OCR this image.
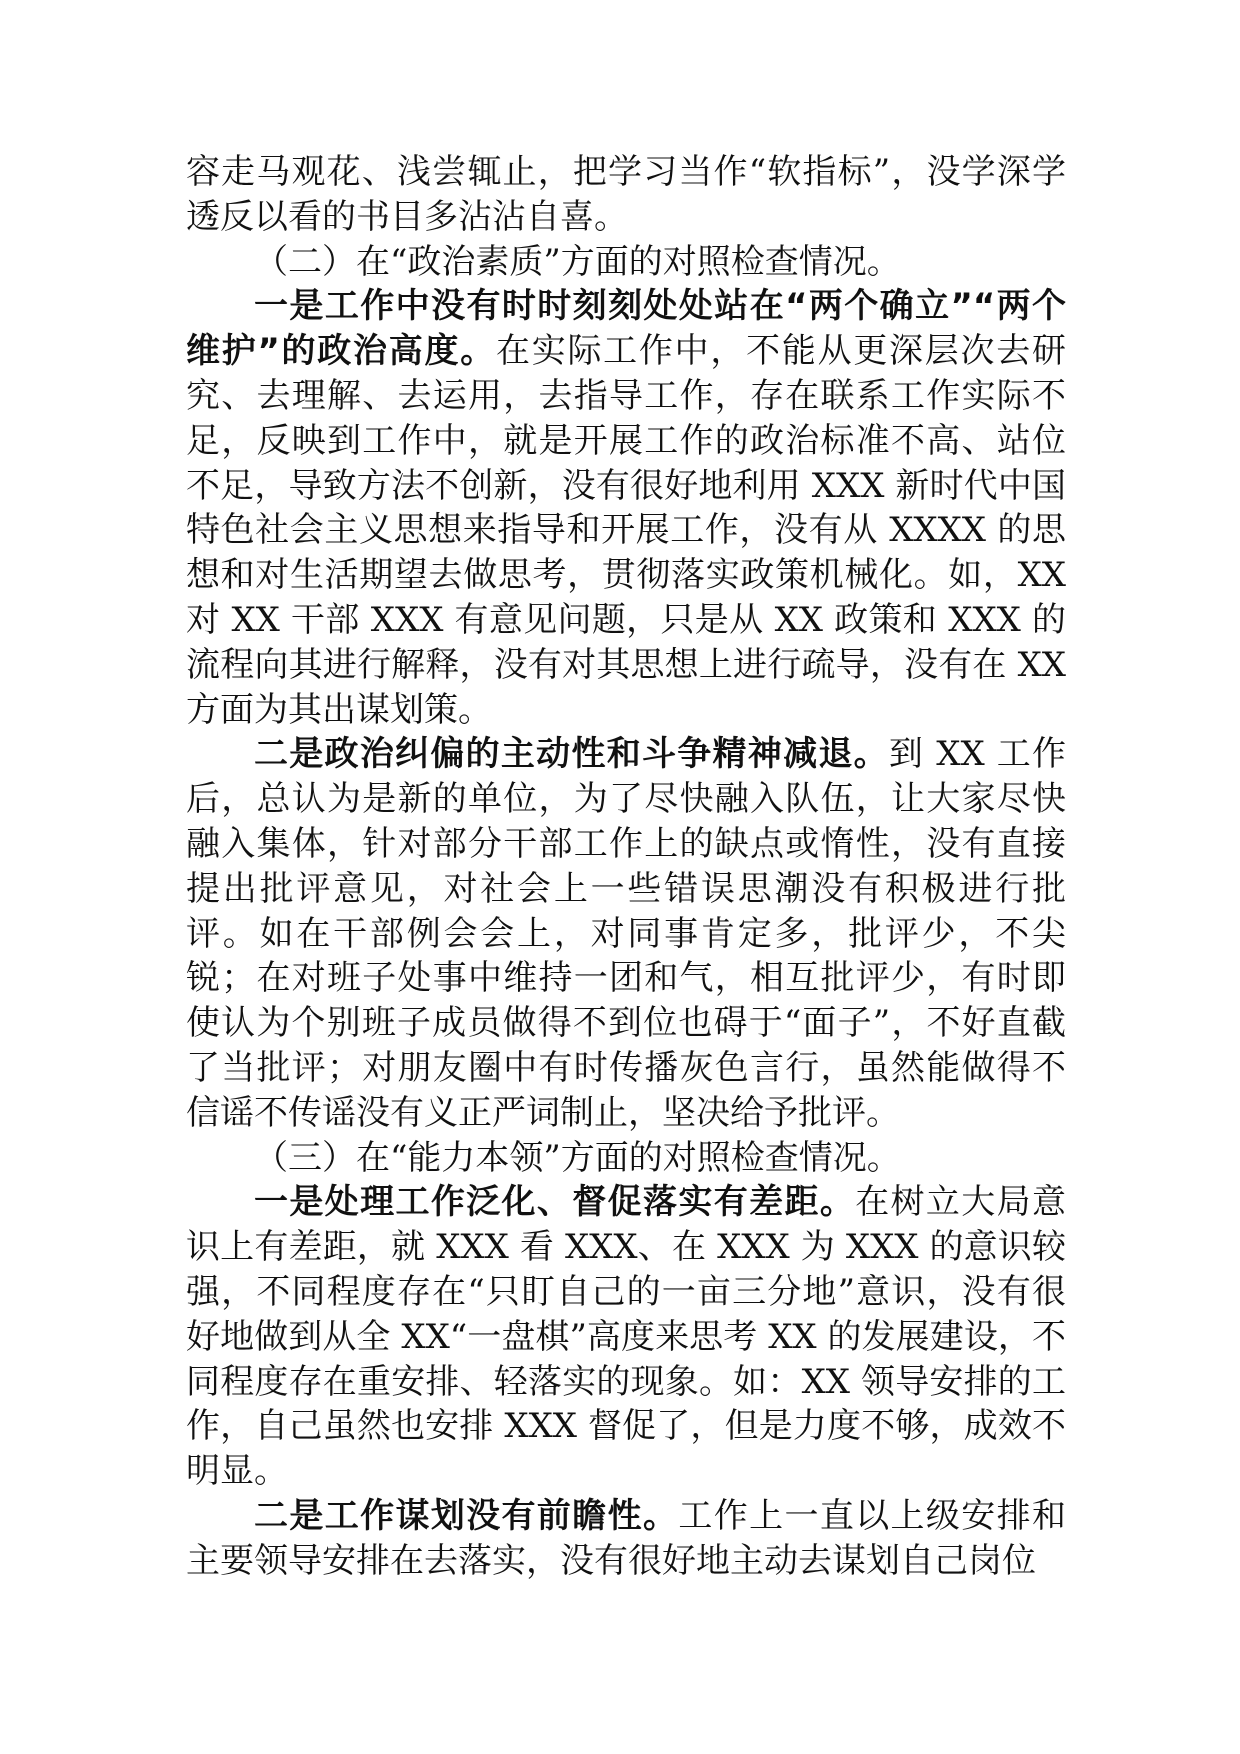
容走马观花、浅尝辄止，把学习当作“软指标”，没学深学透反以看的书目多沾沾自喜。

（二）在“政治素质”方面的对照检查情况。

一是工作中没有时时刻刻处处站在“两个确立”“两个维护”的政治高度。在实际工作中，不能从更深层次去研究、去理解、去运用，去指导工作，存在联系工作实际不足，反映到工作中，就是开展工作的政治标准不高、站位不足，导致方法不创新，没有很好地利用 XXX 新时代中国特色社会主义思想来指导和开展工作，没有从 XXXX 的思想和对生活期望去做思考，贯彻落实政策机械化。如，XX 对 XX 干部 XXX 有意见问题，只是从 XX 政策和 XXX 的流程向其进行解释，没有对其思想上进行疏导，没有在 XX 方面为其出谋划策。

二是政治纠偏的主动性和斗争精神减退。到 XX 工作后，总认为是新的单位，为了尽快融入队伍，让大家尽快融入集体，针对部分干部工作上的缺点或惰性，没有直接提出批评意见，对社会上一些错误思潮没有积极进行批评。如在干部例会会上，对同事肯定多，批评少，不尖锐；在对班子处事中维持一团和气，相互批评少，有时即使认为个别班子成员做得不到位也碍于“面子”，不好直截了当批评；对朋友圈中有时传播灰色言行，虽然能做得不信谣不传谣没有义正严词制止，坚决给予批评。

（三）在“能力本领”方面的对照检查情况。

一是处理工作泛化、督促落实有差距。在树立大局意识上有差距，就 XXX 看 XXX、在 XXX 为 XXX 的意识较强，不同程度存在“只盯自己的一亩三分地”意识，没有很好地做到从全 XX“一盘棋”高度来思考 XX 的发展建设，不同程度存在重安排、轻落实的现象。如：XX 领导安排的工作，自己虽然也安排 XXX 督促了，但是力度不够，成效不明显。

二是工作谋划没有前瞻性。工作上一直以上级安排和主要领导安排在去落实，没有很好地主动去谋划自己岗位
